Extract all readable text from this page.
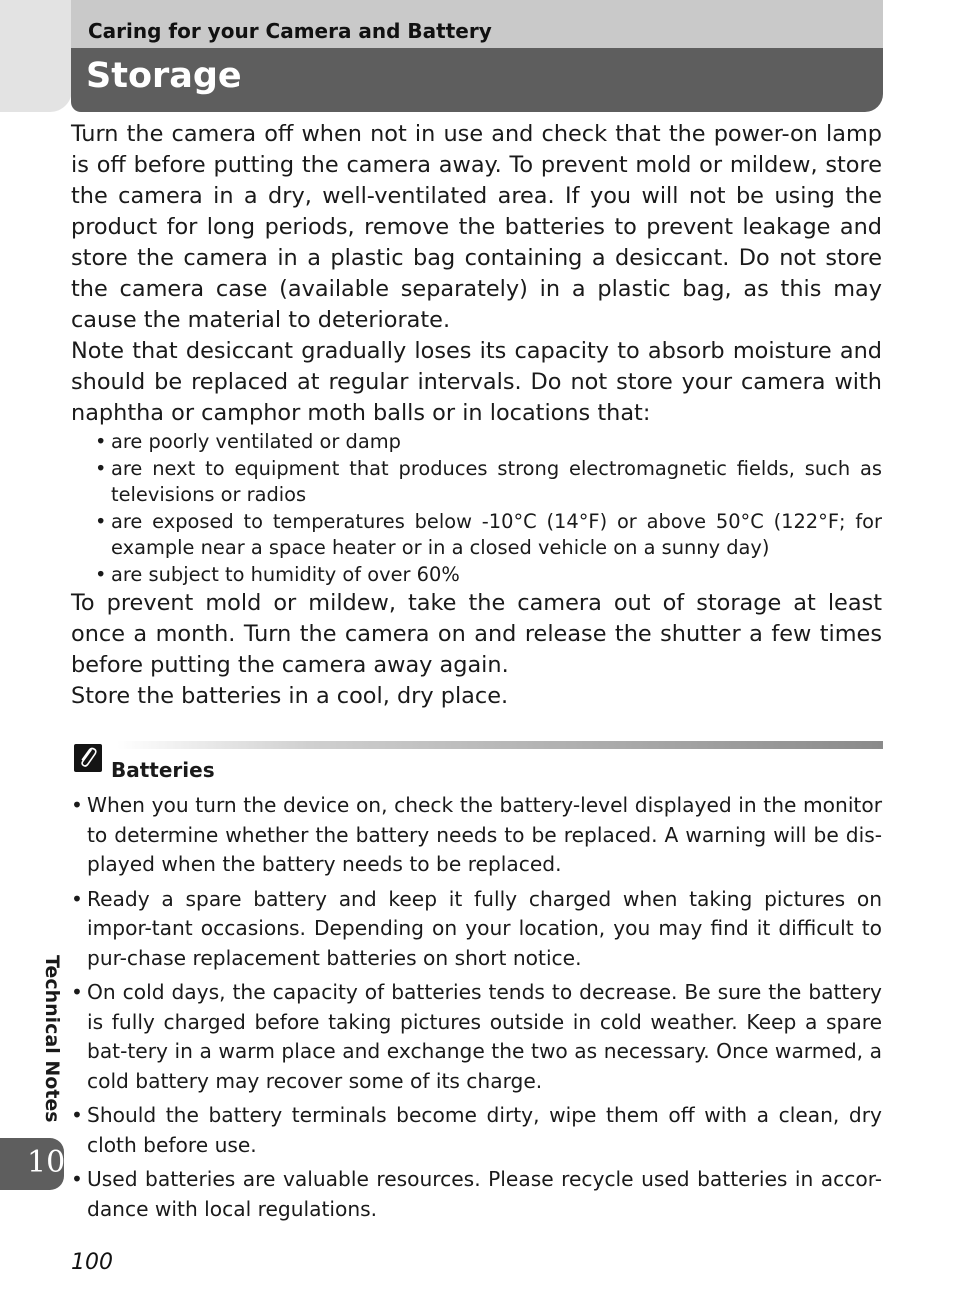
Caring for your Camera and Battery
Storage

Turn the camera off when not in use and check that the power-on lamp is off before putting the camera away. To prevent mold or mildew, store the camera in a dry, well-ventilated area. If you will not be using the product for long periods, remove the batteries to prevent leakage and store the camera in a plastic bag containing a desiccant. Do not store the camera case (available separately) in a plastic bag, as this may cause the material to deteriorate.

Note that desiccant gradually loses its capacity to absorb moisture and should be replaced at regular intervals. Do not store your camera with naphtha or camphor moth balls or in locations that:

• are poorly ventilated or damp
• are next to equipment that produces strong electromagnetic fields, such as televisions or radios
• are exposed to temperatures below -10°C (14°F) or above 50°C (122°F; for example near a space heater or in a closed vehicle on a sunny day)
• are subject to humidity of over 60%

To prevent mold or mildew, take the camera out of storage at least once a month. Turn the camera on and release the shutter a few times before putting the camera away again.

Store the batteries in a cool, dry place.

Batteries
• When you turn the device on, check the battery-level displayed in the monitor to determine whether the battery needs to be replaced. A warning will be dis-played when the battery needs to be replaced.
• Ready a spare battery and keep it fully charged when taking pictures on impor-tant occasions. Depending on your location, you may find it difficult to pur-chase replacement batteries on short notice.
• On cold days, the capacity of batteries tends to decrease. Be sure the battery is fully charged before taking pictures outside in cold weather. Keep a spare bat-tery in a warm place and exchange the two as necessary. Once warmed, a cold battery may recover some of its charge.
• Should the battery terminals become dirty, wipe them off with a clean, dry cloth before use.
• Used batteries are valuable resources. Please recycle used batteries in accor-dance with local regulations.
Technical Notes
10
100
